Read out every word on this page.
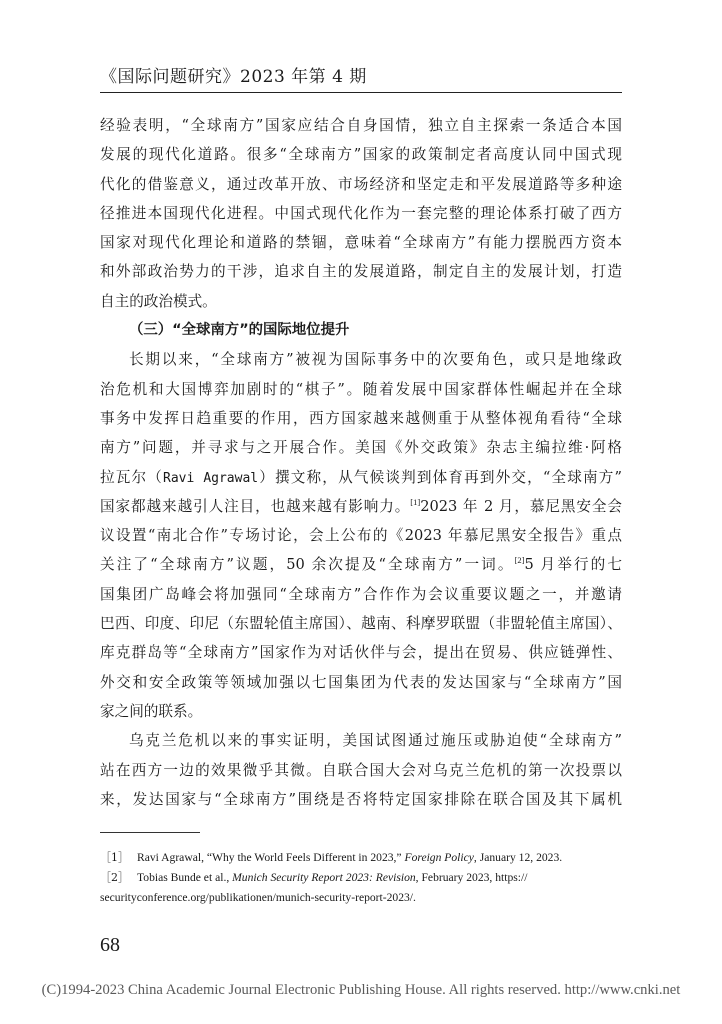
《国际问题研究》2023 年第 4 期
经验表明，“全球南方”国家应结合自身国情，独立自主探索一条适合本国
发展的现代化道路。很多“全球南方”国家的政策制定者高度认同中国式现
代化的借鉴意义，通过改革开放、市场经济和坚定走和平发展道路等多种途
径推进本国现代化进程。中国式现代化作为一套完整的理论体系打破了西方
国家对现代化理论和道路的禁锢，意味着“全球南方”有能力摆脱西方资本
和外部政治势力的干涉，追求自主的发展道路，制定自主的发展计划，打造
自主的政治模式。
（三）“全球南方”的国际地位提升
长期以来，“全球南方”被视为国际事务中的次要角色，或只是地缘政
治危机和大国博弈加剧时的“棋子”。随着发展中国家群体性崛起并在全球
事务中发挥日趋重要的作用，西方国家越来越侧重于从整体视角看待“全球
南方”问题，并寻求与之开展合作。美国《外交政策》杂志主编拉维·阿格
拉瓦尔（Ravi Agrawal）撰文称，从气候谈判到体育再到外交，“全球南方”
国家都越来越引人注目，也越来越有影响力。[1]2023 年 2 月，慕尼黑安全会
议设置“南北合作”专场讨论，会上公布的《2023 年慕尼黑安全报告》重点
关注了“全球南方”议题，50 余次提及“全球南方”一词。[2]5 月举行的七
国集团广岛峰会将加强同“全球南方”合作作为会议重要议题之一，并邀请
巴西、印度、印尼（东盟轮值主席国）、越南、科摩罗联盟（非盟轮值主席国）、
库克群岛等“全球南方”国家作为对话伙伴与会，提出在贸易、供应链弹性、
外交和安全政策等领域加强以七国集团为代表的发达国家与“全球南方”国
家之间的联系。
乌克兰危机以来的事实证明，美国试图通过施压或胁迫使“全球南方”
站在西方一边的效果微乎其微。自联合国大会对乌克兰危机的第一次投票以
来，发达国家与“全球南方”围绕是否将特定国家排除在联合国及其下属机
［1］ Ravi Agrawal, “Why the World Feels Different in 2023,” Foreign Policy, January 12, 2023.
［2］ Tobias Bunde et al., Munich Security Report 2023: Revision, February 2023, https://
securityconference.org/publikationen/munich-security-report-2023/.
68
(C)1994-2023 China Academic Journal Electronic Publishing House. All rights reserved. http://www.cnki.net
